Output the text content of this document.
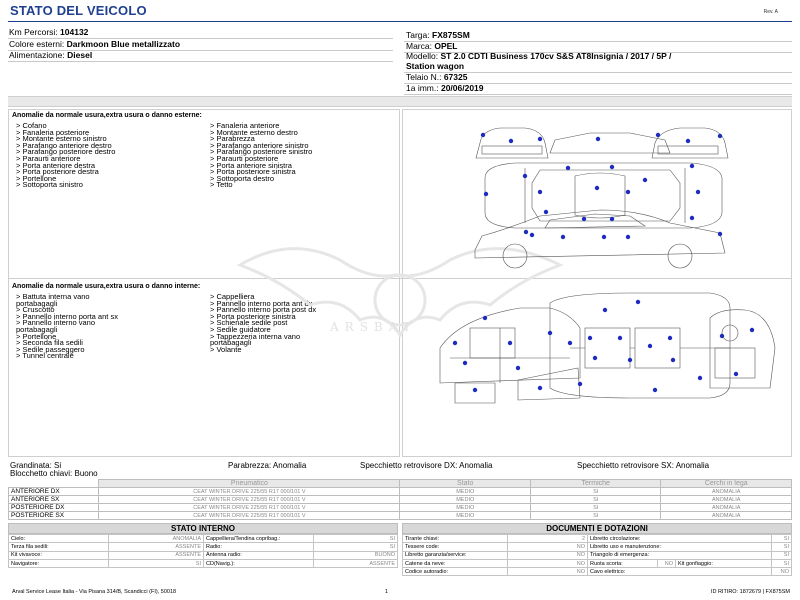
STATO DEL VEICOLO	Rev. A
Km Percorsi: 104132
Colore esterni: Darkmoon Blue metallizzato
Alimentazione: Diesel
Targa: FX875SM
Marca: OPEL
Modello: ST 2.0 CDTI Business 170cv S&S AT8Insignia / 2017 / 5P /
Station wagon
Telaio N.: 67325
1a imm.: 20/06/2019
Anomalie da normale usura,extra usura o danno esterne:
> Cofano
> Fanaleria posteriore
> Montante esterno sinistro
> Parafango anteriore destro
> Parafango posteriore destro
> Paraurti anteriore
> Porta anteriore destra
> Porta posteriore destra
> Portellone
> Sottoporta sinistro
> Fanaleria anteriore
> Montante esterno destro
> Parabrezza
> Parafango anteriore sinistro
> Parafango posteriore sinistro
> Paraurti posteriore
> Porta anteriore sinistra
> Porta posteriore sinistra
> Sottoporta destro
> Tetto
Anomalie da normale usura,extra usura o danno interne:
> Battuta interna vano
portabagagli
> Cruscotto
> Pannello interno porta ant sx
> Pannello interno vano
portabagagli
> Portellone
> Seconda fila sedili
> Sedile passeggero
> Tunnel centrale
> Cappelliera
> Pannello interno porta ant dx
> Pannello interno porta post dx
> Porta posteriore sinistra
> Schienale sedile post
> Sedile guidatore
> Tappezzeria interna vano
portabagagli
> Volante
ARSBAT
Grandinata: Si	Parabrezza: Anomalia	Specchietto retrovisore DX: Anomalia	Specchietto retrovisore SX: Anomalia
Blocchetto chiavi: Buono
	Pneumatico	Stato	Termiche	Cerchi in lega
ANTERIORE DX	CEAT WINTER DRIVE 225/55 R17 000/101 V	MEDIO	SI	ANOMALIA
ANTERIORE SX	CEAT WINTER DRIVE 225/55 R17 000/101 V	MEDIO	SI	ANOMALIA
POSTERIORE DX	CEAT WINTER DRIVE 225/55 R17 000/101 V	MEDIO	SI	ANOMALIA
POSTERIORE SX	CEAT WINTER DRIVE 225/55 R17 000/101 V	MEDIO	SI	ANOMALIA
STATO INTERNO
Cielo:	ANOMALIA	Cappelliera/Tendina copribag.:	SI
Terza fila sedili:	ASSENTE	Radio:	SI
Kit vivavoce:	ASSENTE	Antenna radio:	BUONO
Navigatore:	SI	CD(Navig.):	ASSENTE
DOCUMENTI E DOTAZIONI
Tirante chiavi:	2	Libretto circolazione:			SI
Tessere code:	NO	Libretto uso e manutenzione:			SI
Libretto garanzia/service:	NO	Triangolo di emergenza:			SI
Catene da neve:	NO	Ruota scorta:	NO	Kit gonfiaggio:	SI
Codice autoradio:	NO	Cavo elettrico:			NO
Arval Service Lease Italia - Via Pisana 314/B, Scandicci (FI), 50018	1	ID RITIRO: 1872679 | FX875SM
